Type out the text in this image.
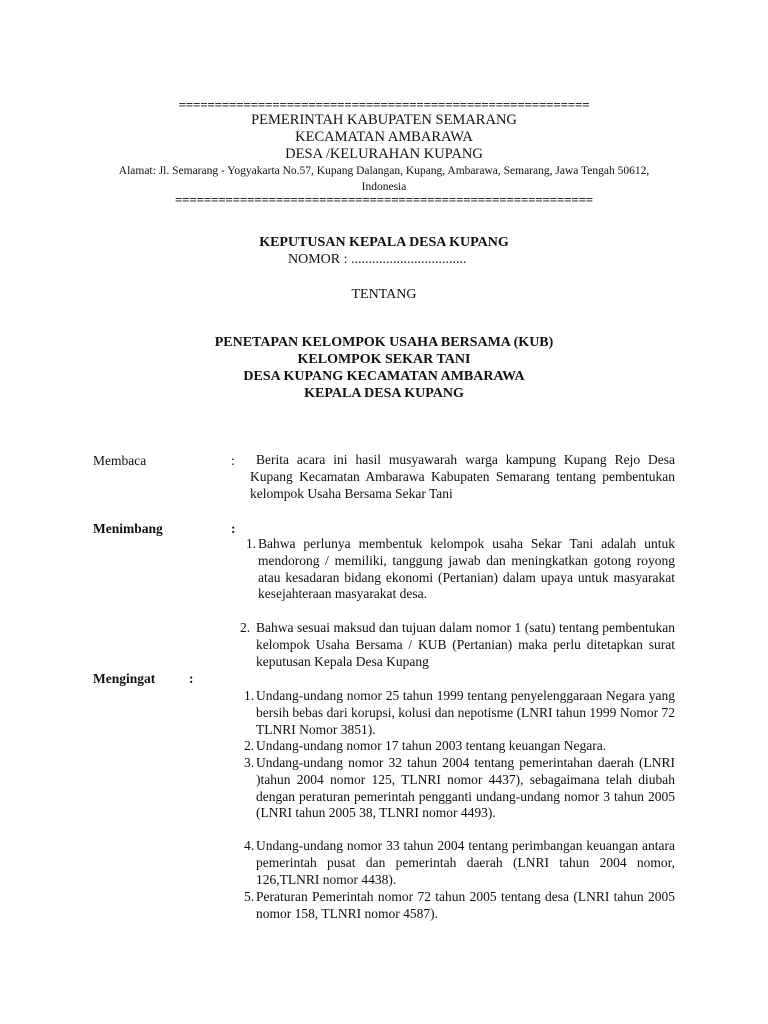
=========================================================
PEMERINTAH KABUPATEN SEMARANG
KECAMATAN AMBARAWA
DESA /KELURAHAN KUPANG
Alamat: Jl. Semarang - Yogyakarta No.57, Kupang Dalangan, Kupang, Ambarawa, Semarang, Jawa Tengah 50612, Indonesia
==========================================================
KEPUTUSAN KEPALA DESA KUPANG
NOMOR : .................................
TENTANG
PENETAPAN KELOMPOK USAHA BERSAMA (KUB)
KELOMPOK SEKAR TANI
DESA KUPANG KECAMATAN AMBARAWA
KEPALA DESA KUPANG
Membaca	:	Berita acara ini hasil musyawarah warga kampung Kupang Rejo Desa Kupang Kecamatan Ambarawa Kabupaten Semarang tentang pembentukan kelompok Usaha Bersama Sekar Tani
Menimbang	:
1. Bahwa perlunya membentuk kelompok usaha Sekar Tani adalah untuk mendorong / memiliki, tanggung jawab dan meningkatkan gotong royong atau kesadaran bidang ekonomi (Pertanian) dalam upaya untuk masyarakat kesejahteraan masyarakat desa.
2. Bahwa sesuai maksud dan tujuan dalam nomor 1 (satu) tentang pembentukan kelompok Usaha Bersama / KUB (Pertanian) maka perlu ditetapkan surat keputusan Kepala Desa Kupang
Mengingat	:
1. Undang-undang nomor 25 tahun 1999 tentang penyelenggaraan Negara yang bersih bebas dari korupsi, kolusi dan nepotisme (LNRI tahun 1999 Nomor 72 TLNRI Nomor 3851).
2. Undang-undang nomor 17 tahun 2003 tentang keuangan Negara.
3. Undang-undang nomor 32 tahun 2004 tentang pemerintahan daerah (LNRI )tahun 2004 nomor 125, TLNRI nomor 4437), sebagaimana telah diubah dengan peraturan pemerintah pengganti undang-undang nomor 3 tahun 2005 (LNRI tahun 2005 38, TLNRI nomor 4493).
4. Undang-undang nomor 33 tahun 2004 tentang perimbangan keuangan antara pemerintah pusat dan pemerintah daerah (LNRI tahun 2004 nomor, 126,TLNRI nomor 4438).
5. Peraturan Pemerintah nomor 72 tahun 2005 tentang desa (LNRI tahun 2005 nomor 158, TLNRI nomor 4587).
